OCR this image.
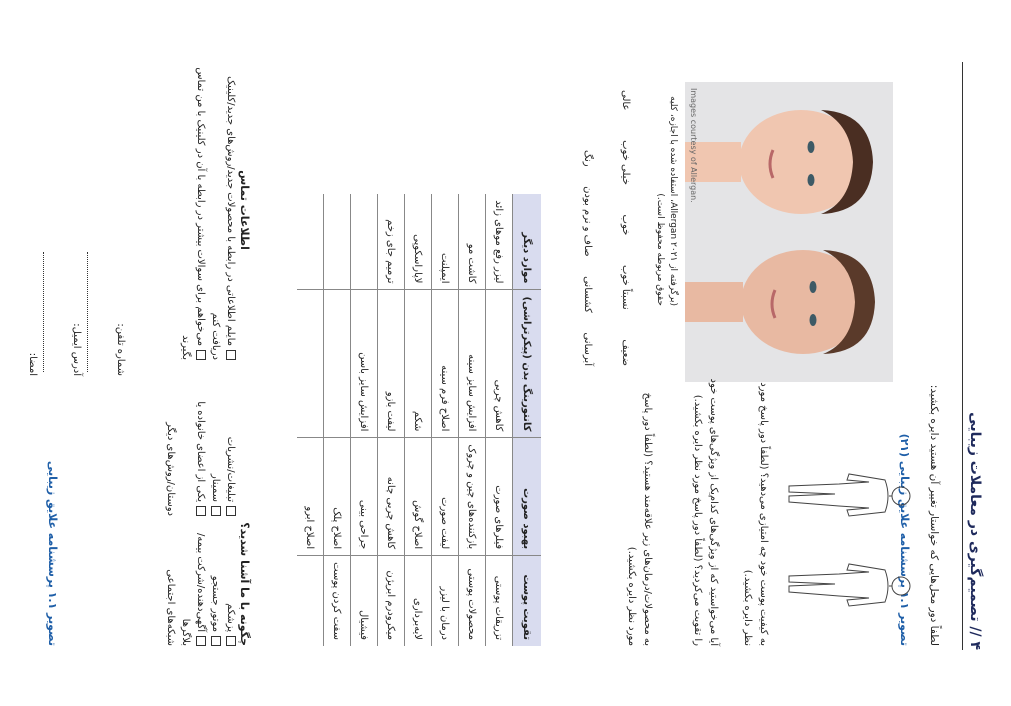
۴ // تصمیم‌گیری در معاملات زیبایی
لطفاً دور محل‌هایی که خواستار تغییر آن هستید دایره بکشید:
تصویر ۱.۱ پرسشنامه علایق زیبایی (۲۱)
Images courtesy of Allergan.
(برگرفته از Allergan ۲۰۲۱، استفاده شده با اجازه، کلیه حقوق مربوطه محفوظ است.)
به کیفیت پوست خود چه امتیازی می‌دهید؟ (لطفاً دور پاسخ مورد نظر دایره بکشید.)
آیا می‌خواستید که از ویژگی‌های کدام‌یک از ویژگی‌های پوست خود را تقویت می‌کردید؟ (لطفاً دور پاسخ مورد نظر دایره بکشید.)
به محصولات/درمان‌های زیر علاقه‌مند هستید؟ (لطفاً دور پاسخ مورد نظر دایره بکشید.)
ضعیف
نسبتاً خوب
خوب
خیلی خوب
عالی
آبرسانی
کشسانی
صاف و نرم بودن
رنگ
تقویت پوست	بهبود صورت	کانتورینگ بدن (پیکرتراشی)	موارد دیگر
تزریقات پوستی	فیلرهای صورت	کاهش چربی	لیزر رفع موهای زائد
محصولات پوستی	بازکننده‌های چین و چروک	افزایش سایز سینه	کاشت مو
درمان با لیزر	لیفت صورت	اصلاح فرم سینه	ایمپلنت
لایه‌برداری	اصلاح گوش	شکم	لاپاراسکوپی
میکرودرم ابریژن	کاهش چربی چانه	لیفت بازو	ترمیم جای زخم
فیشیال	جراحی بینی	افزایش سایز باسن	
سفت کردن پوست	اصلاح پلک		
	اصلاح ابرو		
چگونه با ما آشنا شدید؟
پزشکم
تبلیغات/نشریات
موتور جستجو
سمینار
آگهی‌دهنده/شرکت بیمه‌/بلاگرها
یکی از اعضای خانواده یا
شبکه‌های اجتماعی
دوستان/روش‌های دیگر
اطلاعات تماس
مایلم اطلاعاتی در رابطه با محصولات جدید/روش‌های جدید/کلینیک دریافت کنم
می‌خواهم برای سوالات بیشتر در رابطه با آن در کلینیک با من تماس بگیرند
شماره تلفن:
آدرس ایمیل:
امضا:
تصویر ۱.۱ پرسشنامه علایق زیبایی
